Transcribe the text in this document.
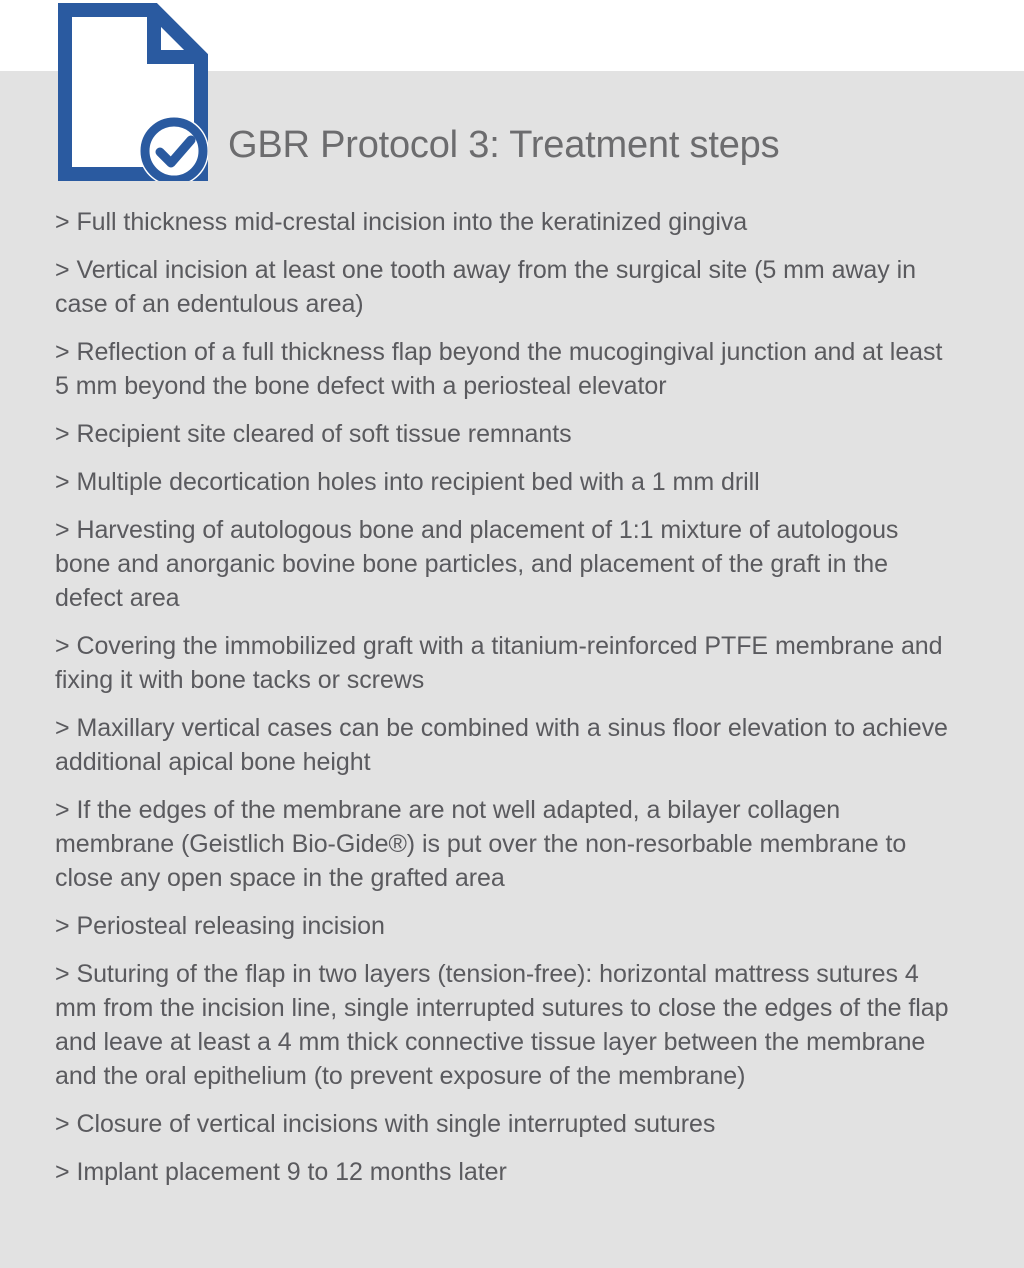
GBR Protocol 3: Treatment steps

> Full thickness mid-crestal incision into the keratinized gingiva

> Vertical incision at least one tooth away from the surgical site (5 mm away in case of an edentulous area)

> Reflection of a full thickness flap beyond the mucogingival junction and at least 5 mm beyond the bone defect with a periosteal elevator

> Recipient site cleared of soft tissue remnants

> Multiple decortication holes into recipient bed with a 1 mm drill

> Harvesting of autologous bone and placement of 1:1 mixture of autologous bone and anorganic bovine bone particles, and placement of the graft in the defect area

> Covering the immobilized graft with a titanium-reinforced PTFE membrane and fixing it with bone tacks or screws

> Maxillary vertical cases can be combined with a sinus floor elevation to achieve additional apical bone height

> If the edges of the membrane are not well adapted, a bilayer collagen membrane (Geistlich Bio-Gide®) is put over the non-resorbable membrane to close any open space in the grafted area

> Periosteal releasing incision

> Suturing of the flap in two layers (tension-free): horizontal mattress sutures 4 mm from the incision line, single interrupted sutures to close the edges of the flap and leave at least a 4 mm thick connective tissue layer between the membrane and the oral epithelium (to prevent exposure of the membrane)

> Closure of vertical incisions with single interrupted sutures

> Implant placement 9 to 12 months later
